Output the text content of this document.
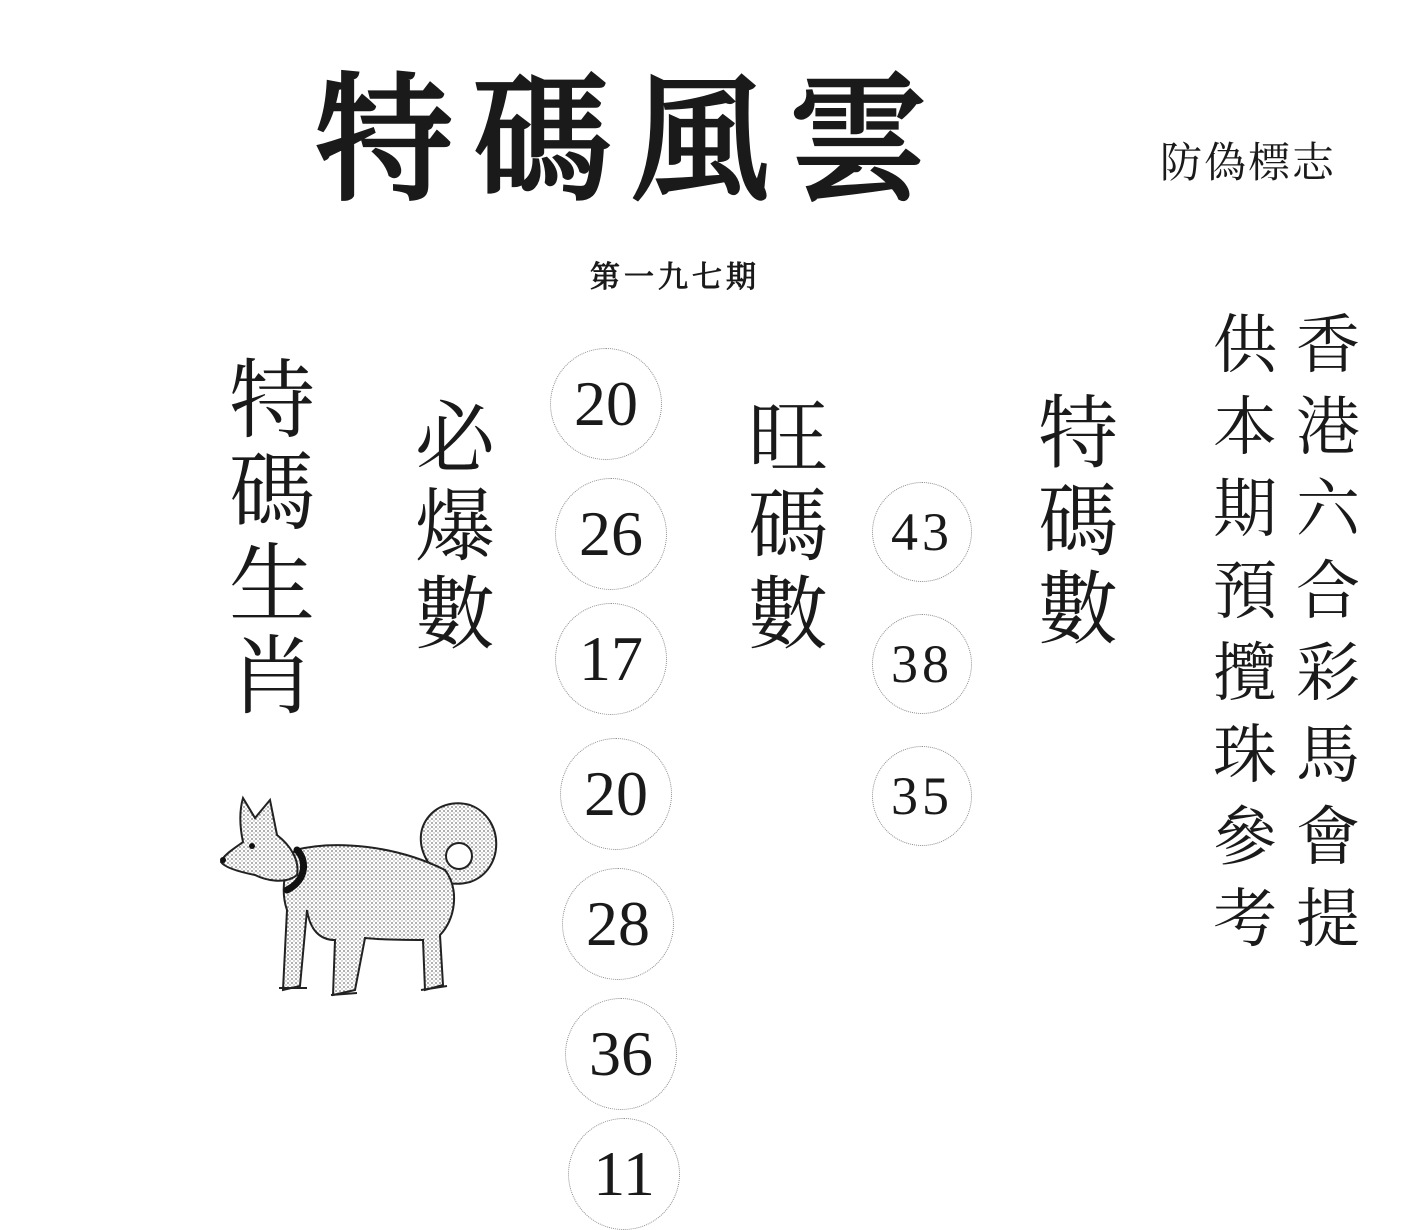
特碼風雲	防偽標志
第一九七期
特
碼
生
肖
必
爆
數
20
26
17
20
28
36
11
旺
碼
數
43
38
35
特
碼
數
供
本
期
預
攬
珠
參
考
香
港
六
合
彩
馬
會
提
